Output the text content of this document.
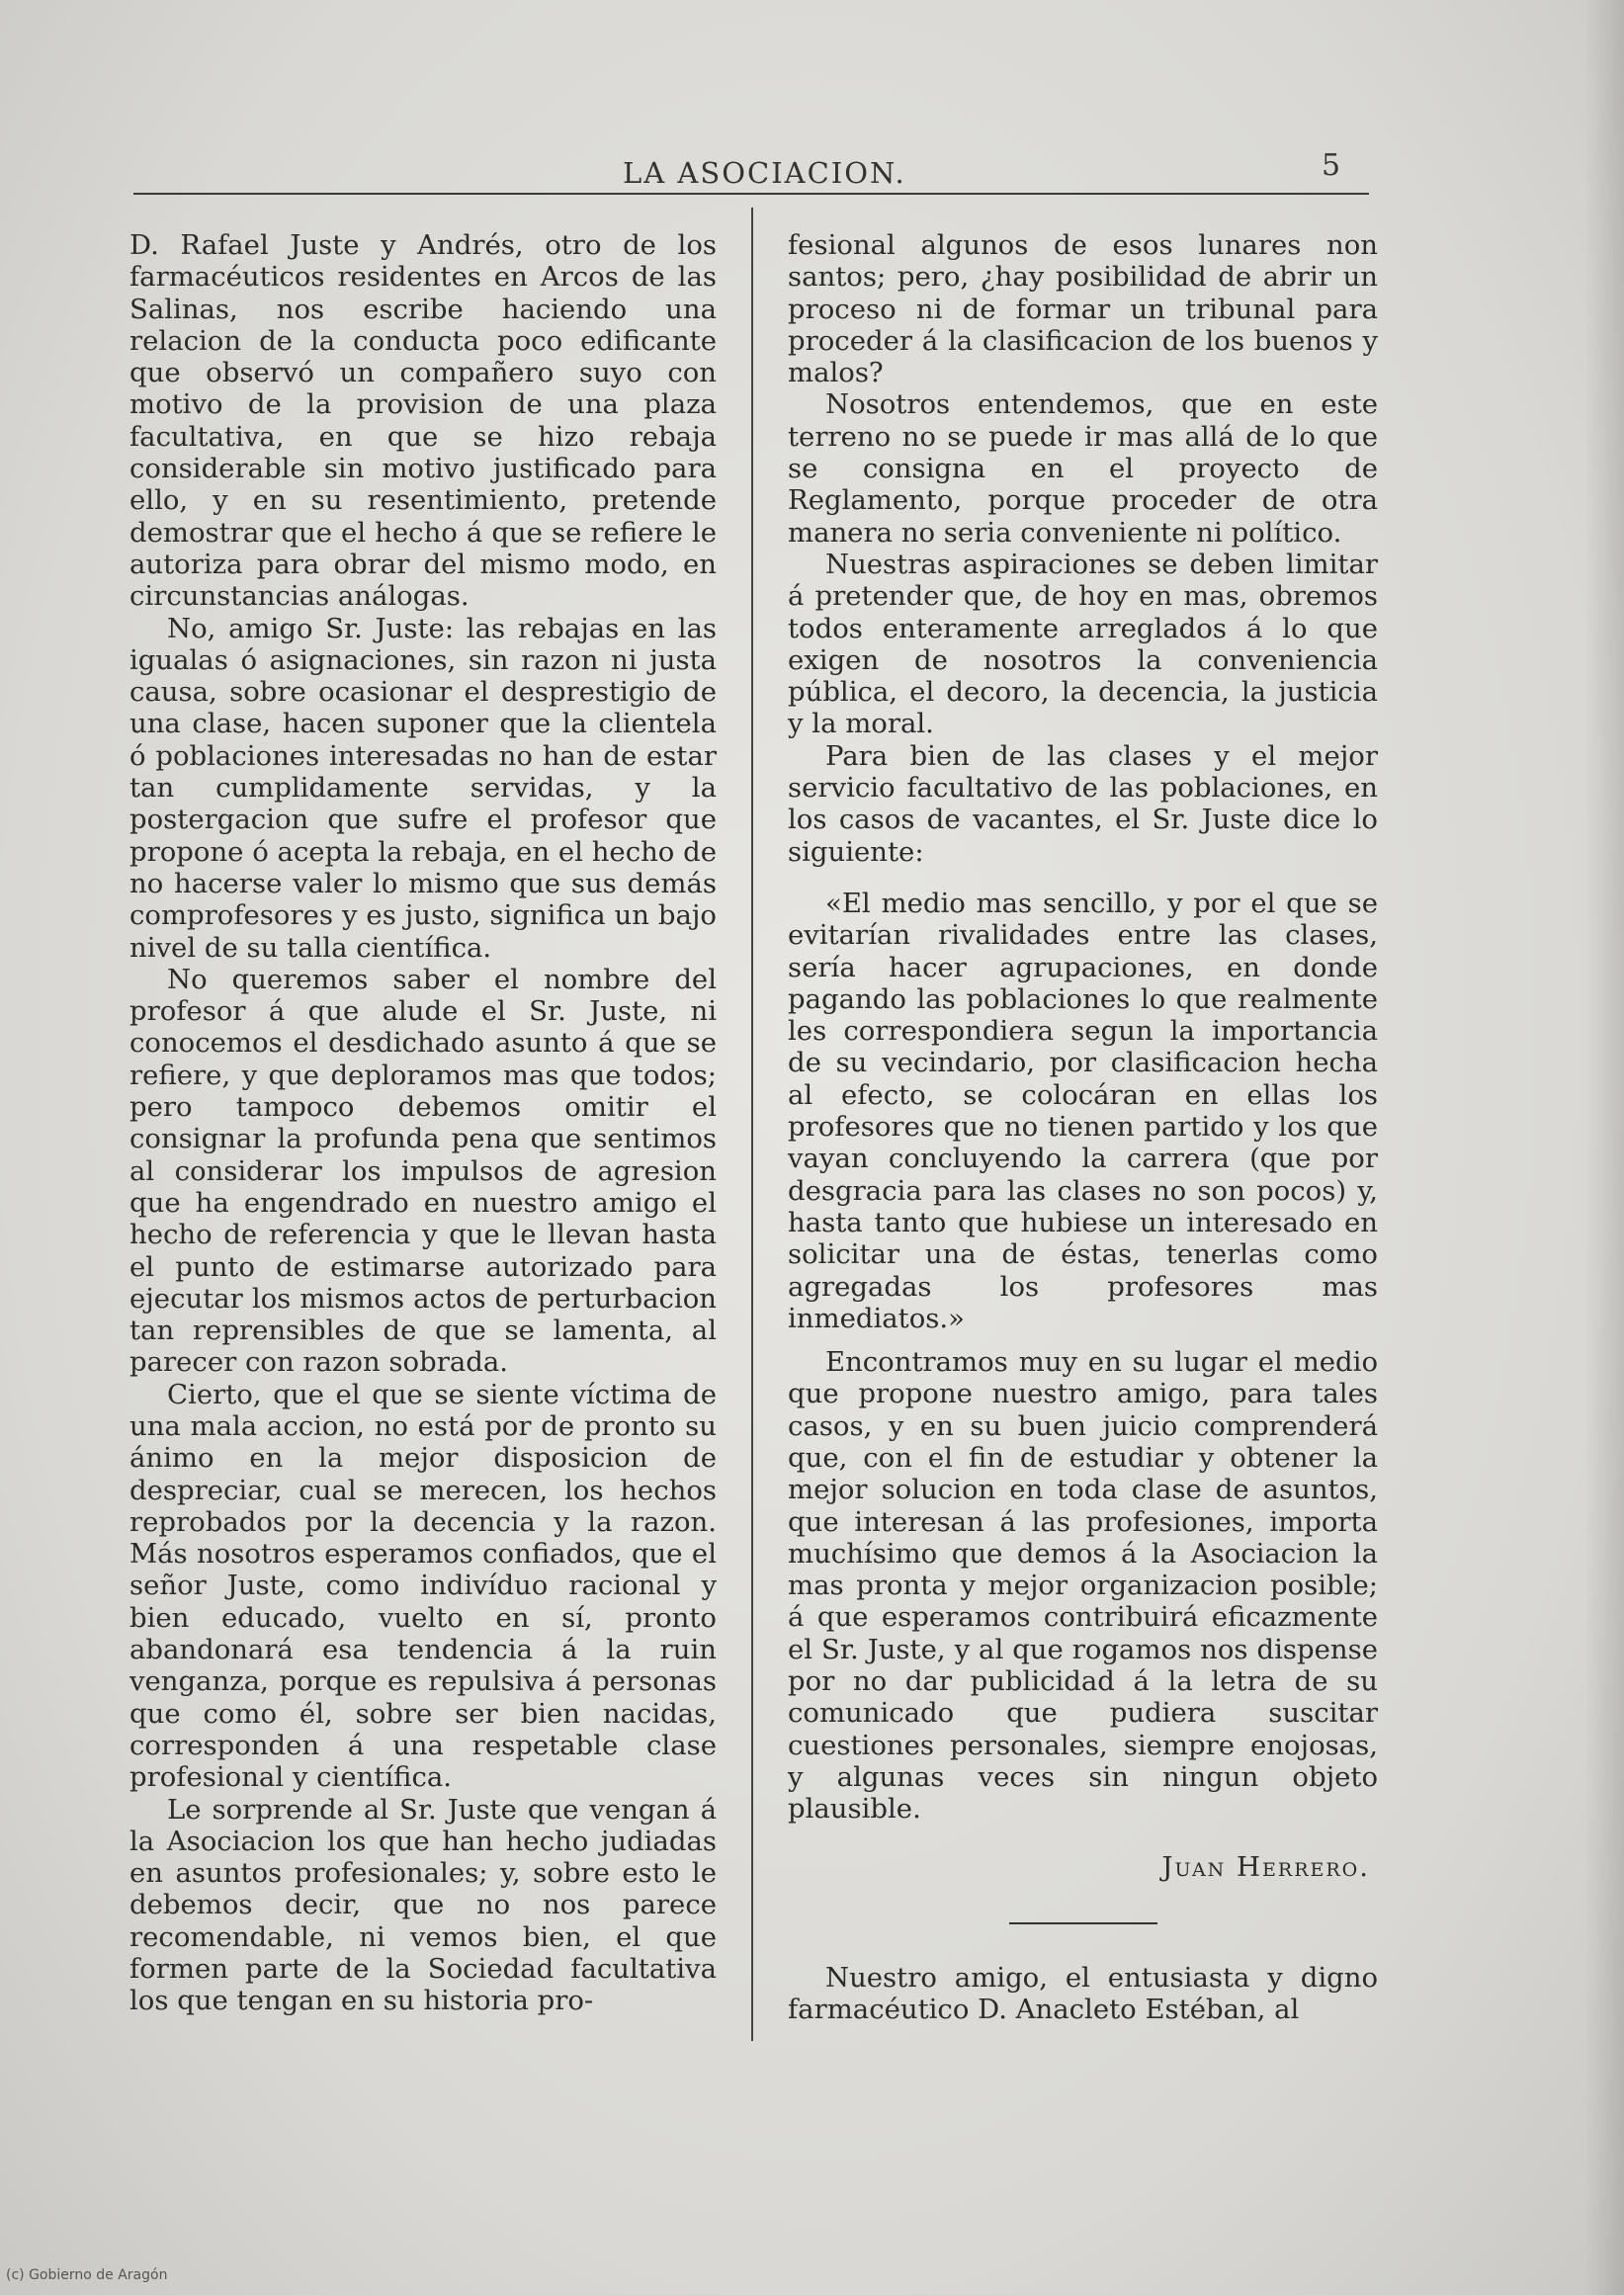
LA ASOCIACION.	5

D. Rafael Juste y Andrés, otro de los farmacéuticos residentes en Arcos de las Salinas, nos escribe haciendo una relacion de la conducta poco edificante que observó un compañero suyo con motivo de la provision de una plaza facultativa, en que se hizo rebaja considerable sin motivo justificado para ello, y en su resentimiento, pretende demostrar que el hecho á que se refiere le autoriza para obrar del mismo modo, en circunstancias análogas.

No, amigo Sr. Juste: las rebajas en las igualas ó asignaciones, sin razon ni justa causa, sobre ocasionar el desprestigio de una clase, hacen suponer que la clientela ó poblaciones interesadas no han de estar tan cumplidamente servidas, y la postergacion que sufre el profesor que propone ó acepta la rebaja, en el hecho de no hacerse valer lo mismo que sus demás comprofesores y es justo, significa un bajo nivel de su talla científica.

No queremos saber el nombre del profesor á que alude el Sr. Juste, ni conocemos el desdichado asunto á que se refiere, y que deploramos mas que todos; pero tampoco debemos omitir el consignar la profunda pena que sentimos al considerar los impulsos de agresion que ha engendrado en nuestro amigo el hecho de referencia y que le llevan hasta el punto de estimarse autorizado para ejecutar los mismos actos de perturbacion tan reprensibles de que se lamenta, al parecer con razon sobrada.

Cierto, que el que se siente víctima de una mala accion, no está por de pronto su ánimo en la mejor disposicion de despreciar, cual se merecen, los hechos reprobados por la decencia y la razon. Más nosotros esperamos confiados, que el señor Juste, como indivíduo racional y bien educado, vuelto en sí, pronto abandonará esa tendencia á la ruin venganza, porque es repulsiva á personas que como él, sobre ser bien nacidas, corresponden á una respetable clase profesional y científica.

Le sorprende al Sr. Juste que vengan á la Asociacion los que han hecho judiadas en asuntos profesionales; y, sobre esto le debemos decir, que no nos parece recomendable, ni vemos bien, el que formen parte de la Sociedad facultativa los que tengan en su historia pro-

fesional algunos de esos lunares non santos; pero, ¿hay posibilidad de abrir un proceso ni de formar un tribunal para proceder á la clasificacion de los buenos y malos?

Nosotros entendemos, que en este terreno no se puede ir mas allá de lo que se consigna en el proyecto de Reglamento, porque proceder de otra manera no seria conveniente ni político.

Nuestras aspiraciones se deben limitar á pretender que, de hoy en mas, obremos todos enteramente arreglados á lo que exigen de nosotros la conveniencia pública, el decoro, la decencia, la justicia y la moral.

Para bien de las clases y el mejor servicio facultativo de las poblaciones, en los casos de vacantes, el Sr. Juste dice lo siguiente:

«El medio mas sencillo, y por el que se evitarían rivalidades entre las clases, sería hacer agrupaciones, en donde pagando las poblaciones lo que realmente les correspondiera segun la importancia de su vecindario, por clasificacion hecha al efecto, se colocáran en ellas los profesores que no tienen partido y los que vayan concluyendo la carrera (que por desgracia para las clases no son pocos) y, hasta tanto que hubiese un interesado en solicitar una de éstas, tenerlas como agregadas los profesores mas inmediatos.»

Encontramos muy en su lugar el medio que propone nuestro amigo, para tales casos, y en su buen juicio comprenderá que, con el fin de estudiar y obtener la mejor solucion en toda clase de asuntos, que interesan á las profesiones, importa muchísimo que demos á la Asociacion la mas pronta y mejor organizacion posible; á que esperamos contribuirá eficazmente el Sr. Juste, y al que rogamos nos dispense por no dar publicidad á la letra de su comunicado que pudiera suscitar cuestiones personales, siempre enojosas, y algunas veces sin ningun objeto plausible.

Juan Herrero.

Nuestro amigo, el entusiasta y digno farmacéutico D. Anacleto Estéban, al

(c) Gobierno de Aragón
